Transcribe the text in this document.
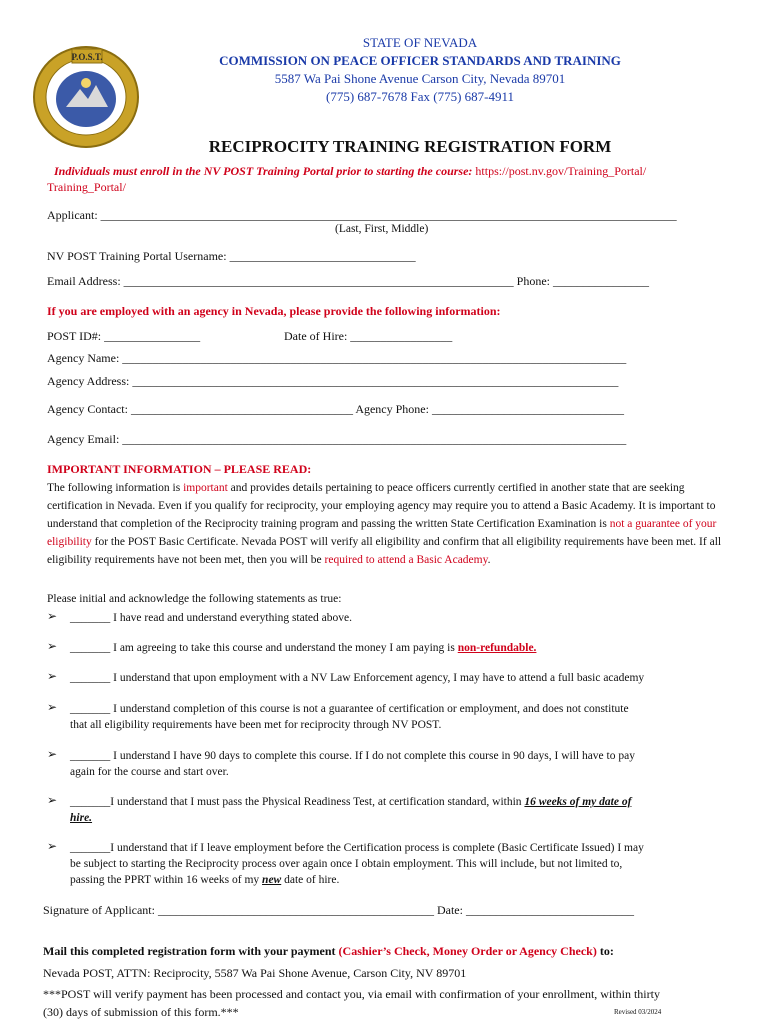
P.O.S.T.
STATE OF NEVADA
COMMISSION ON PEACE OFFICER STANDARDS AND TRAINING
5587 Wa Pai Shone Avenue Carson City, Nevada 89701
(775) 687-7678 Fax (775) 687-4911
RECIPROCITY TRAINING REGISTRATION FORM
Individuals must enroll in the NV POST Training Portal prior to starting the course: https://post.nv.gov/Training_Portal/
Training_Portal/
Applicant: ________________________________________________________________________________________________
(Last, First, Middle)
NV POST Training Portal Username: _______________________________
Email Address: _________________________________________________________________ Phone: ________________
If you are employed with an agency in Nevada, please provide the following information:
POST ID#: ________________	Date of Hire: _________________
Agency Name: ____________________________________________________________________________________
Agency Address: _________________________________________________________________________________
Agency Contact: _____________________________________ Agency Phone: ________________________________
Agency Email: ____________________________________________________________________________________
IMPORTANT INFORMATION – PLEASE READ:
The following information is important and provides details pertaining to peace officers currently certified in another state that are seeking certification in Nevada. Even if you qualify for reciprocity, your employing agency may require you to attend a Basic Academy. It is important to understand that completion of the Reciprocity training program and passing the written State Certification Examination is not a guarantee of your eligibility for the POST Basic Certificate. Nevada POST will verify all eligibility and confirm that all eligibility requirements have been met. If all eligibility requirements have not been met, then you will be required to attend a Basic Academy.
Please initial and acknowledge the following statements as true:
➢ _______ I have read and understand everything stated above.
➢ _______ I am agreeing to take this course and understand the money I am paying is non-refundable.
➢ _______ I understand that upon employment with a NV Law Enforcement agency, I may have to attend a full basic academy
➢ _______ I understand completion of this course is not a guarantee of certification or employment, and does not constitute
that all eligibility requirements have been met for reciprocity through NV POST.
➢ _______ I understand I have 90 days to complete this course. If I do not complete this course in 90 days, I will have to pay
again for the course and start over.
➢ _______I understand that I must pass the Physical Readiness Test, at certification standard, within 16 weeks of my date of
hire.
➢ _______I understand that if I leave employment before the Certification process is complete (Basic Certificate Issued) I may
be subject to starting the Reciprocity process over again once I obtain employment. This will include, but not limited to,
passing the PPRT within 16 weeks of my new date of hire.
Signature of Applicant: ______________________________________________ Date: ____________________________
Mail this completed registration form with your payment (Cashier’s Check, Money Order or Agency Check) to:
Nevada POST, ATTN: Reciprocity, 5587 Wa Pai Shone Avenue, Carson City, NV 89701
***POST will verify payment has been processed and contact you, via email with confirmation of your enrollment, within thirty
(30) days of submission of this form.***	Revised 03/2024
